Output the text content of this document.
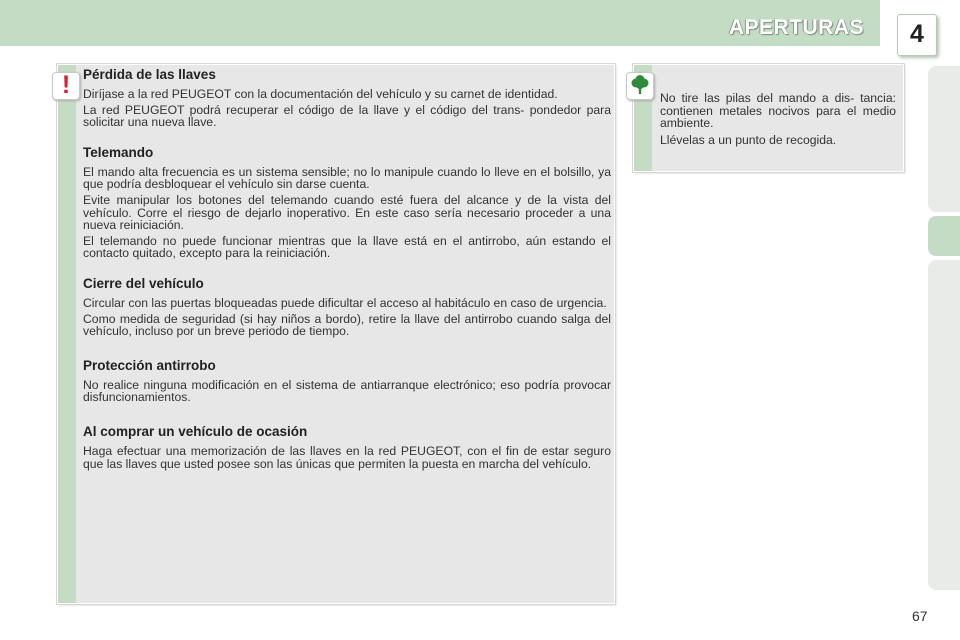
APERTURAS	4
! Pérdida de las llaves

Diríjase a la red PEUGEOT con la documentación del vehículo y su carnet de identidad.

La red PEUGEOT podrá recuperar el código de la llave y el código del trans- pondedor para solicitar una nueva llave.

Telemando

El mando alta frecuencia es un sistema sensible; no lo manipule cuando lo lleve en el bolsillo, ya que podría desbloquear el vehículo sin darse cuenta.

Evite manipular los botones del telemando cuando esté fuera del alcance y de la vista del vehículo. Corre el riesgo de dejarlo inoperativo. En este caso sería necesario proceder a una nueva reiniciación.

El telemando no puede funcionar mientras que la llave está en el antirrobo, aún estando el contacto quitado, excepto para la reiniciación.

Cierre del vehículo

Circular con las puertas bloqueadas puede dificultar el acceso al habitáculo en caso de urgencia.

Como medida de seguridad (si hay niños a bordo), retire la llave del antirrobo cuando salga del vehículo, incluso por un breve periodo de tiempo.

Protección antirrobo

No realice ninguna modificación en el sistema de antiarranque electrónico; eso podría provocar disfuncionamientos.

Al comprar un vehículo de ocasión

Haga efectuar una memorización de las llaves en la red PEUGEOT, con el fin de estar seguro que las llaves que usted posee son las únicas que permiten la puesta en marcha del vehículo.

No tire las pilas del mando a dis- tancia: contienen metales nocivos para el medio ambiente.

Llévelas a un punto de recogida.

67
